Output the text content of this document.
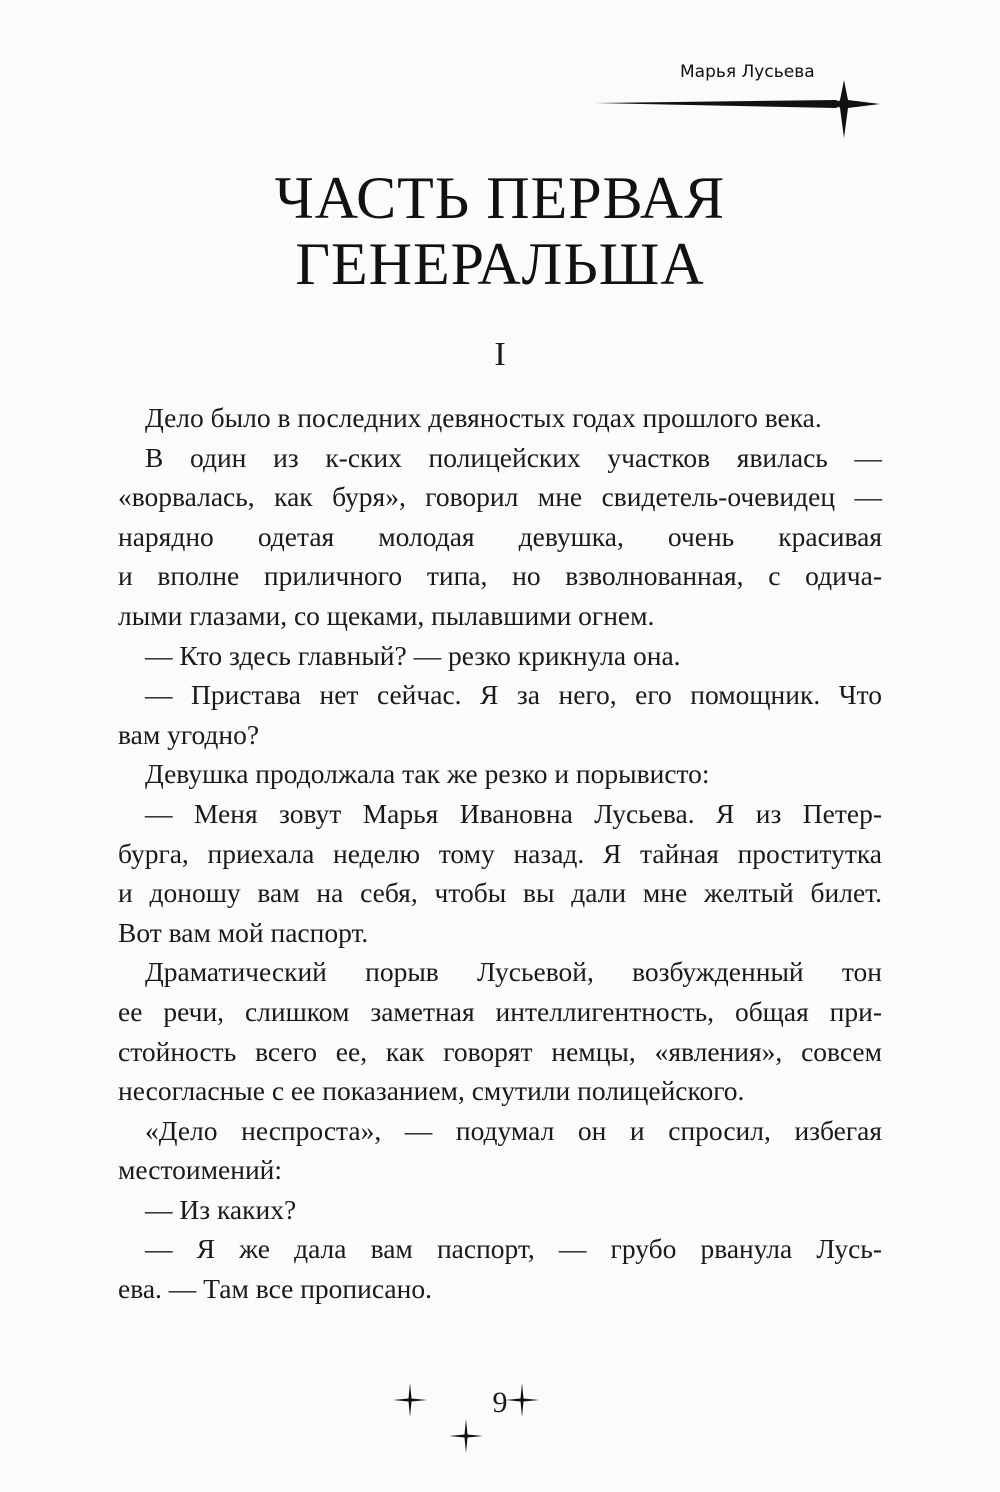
Марья Лусьева
ЧАСТЬ ПЕРВАЯ
ГЕНЕРАЛЬША
I
Дело было в последних девяностых годах прошлого века.
В один из к-ских полицейских участков явилась —
«ворвалась, как буря», говорил мне свидетель-очевидец —
нарядно одетая молодая девушка, очень красивая
и вполне приличного типа, но взволнованная, с одича-
лыми глазами, со щеками, пылавшими огнем.
— Кто здесь главный? — резко крикнула она.
— Пристава нет сейчас. Я за него, его помощник. Что
вам угодно?
Девушка продолжала так же резко и порывисто:
— Меня зовут Марья Ивановна Лусьева. Я из Петер-
бурга, приехала неделю тому назад. Я тайная проститутка
и доношу вам на себя, чтобы вы дали мне желтый билет.
Вот вам мой паспорт.
Драматический порыв Лусьевой, возбужденный тон
ее речи, слишком заметная интеллигентность, общая при-
стойность всего ее, как говорят немцы, «явления», совсем
несогласные с ее показанием, смутили полицейского.
«Дело неспроста», — подумал он и спросил, избегая
местоимений:
— Из каких?
— Я же дала вам паспорт, — грубо рванула Лусь-
ева. — Там все прописано.
9
